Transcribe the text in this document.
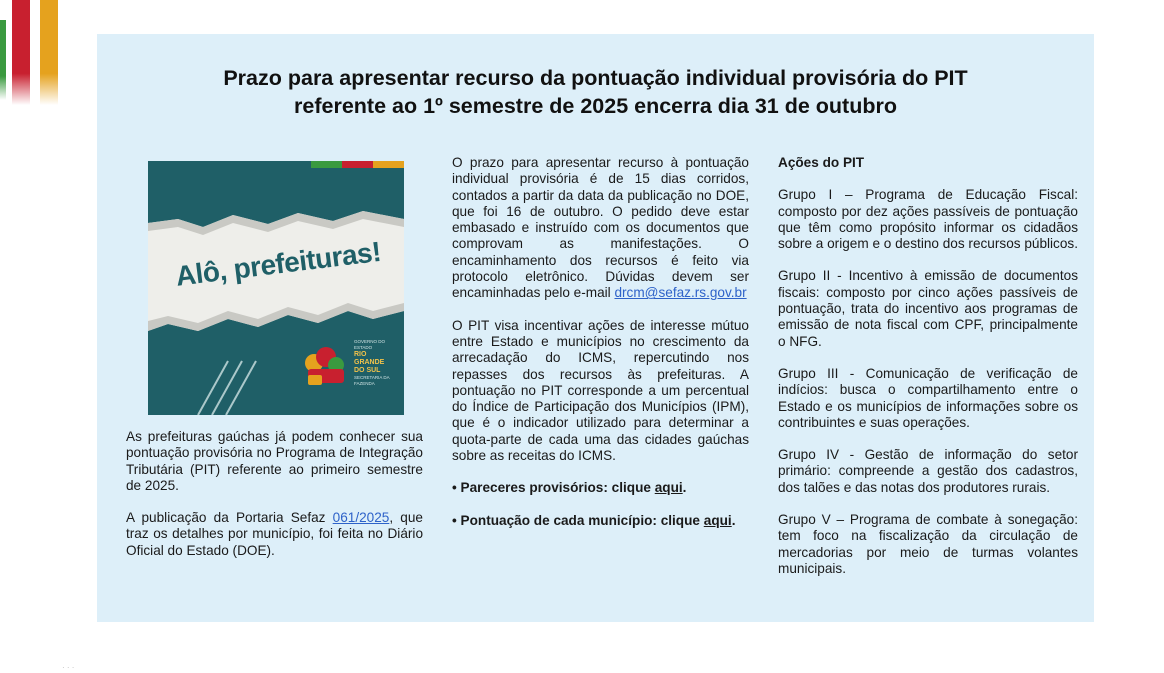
Prazo para apresentar recurso da pontuação individual provisória do PIT
referente ao 1º semestre de 2025 encerra dia 31 de outubro
Alô, prefeituras!
GOVERNO DO ESTADO
RIO GRANDE DO SUL
SECRETARIA DA FAZENDA

As prefeituras gaúchas já podem conhecer sua pontuação provisória no Programa de Integração Tributária (PIT) referente ao primeiro semestre de 2025.

A publicação da Portaria Sefaz 061/2025, que traz os detalhes por município, foi feita no Diário Oficial do Estado (DOE).

O prazo para apresentar recurso à pontuação individual provisória é de 15 dias corridos, contados a partir da data da publicação no DOE, que foi 16 de outubro. O pedido deve estar embasado e instruído com os documentos que comprovam as manifestações. O encaminhamento dos recursos é feito via protocolo eletrônico. Dúvidas devem ser encaminhadas pelo e-mail drcm@sefaz.rs.gov.br

O PIT visa incentivar ações de interesse mútuo entre Estado e municípios no crescimento da arrecadação do ICMS, repercutindo nos repasses dos recursos às prefeituras. A pontuação no PIT corresponde a um percentual do Índice de Participação dos Municípios (IPM), que é o indicador utilizado para determinar a quota-parte de cada uma das cidades gaúchas sobre as receitas do ICMS.

• Pareceres provisórios: clique aqui.

• Pontuação de cada município: clique aqui.

Ações do PIT

Grupo I – Programa de Educação Fiscal: composto por dez ações passíveis de pontuação que têm como propósito informar os cidadãos sobre a origem e o destino dos recursos públicos.

Grupo II - Incentivo à emissão de documentos fiscais: composto por cinco ações passíveis de pontuação, trata do incentivo aos programas de emissão de nota fiscal com CPF, principalmente o NFG.

Grupo III - Comunicação de verificação de indícios: busca o compartilhamento entre o Estado e os municípios de informações sobre os contribuintes e suas operações.

Grupo IV - Gestão de informação do setor primário: compreende a gestão dos cadastros, dos talões e das notas dos produtores rurais.

Grupo V – Programa de combate à sonegação: tem foco na fiscalização da circulação de mercadorias por meio de turmas volantes municipais.

· · ·
